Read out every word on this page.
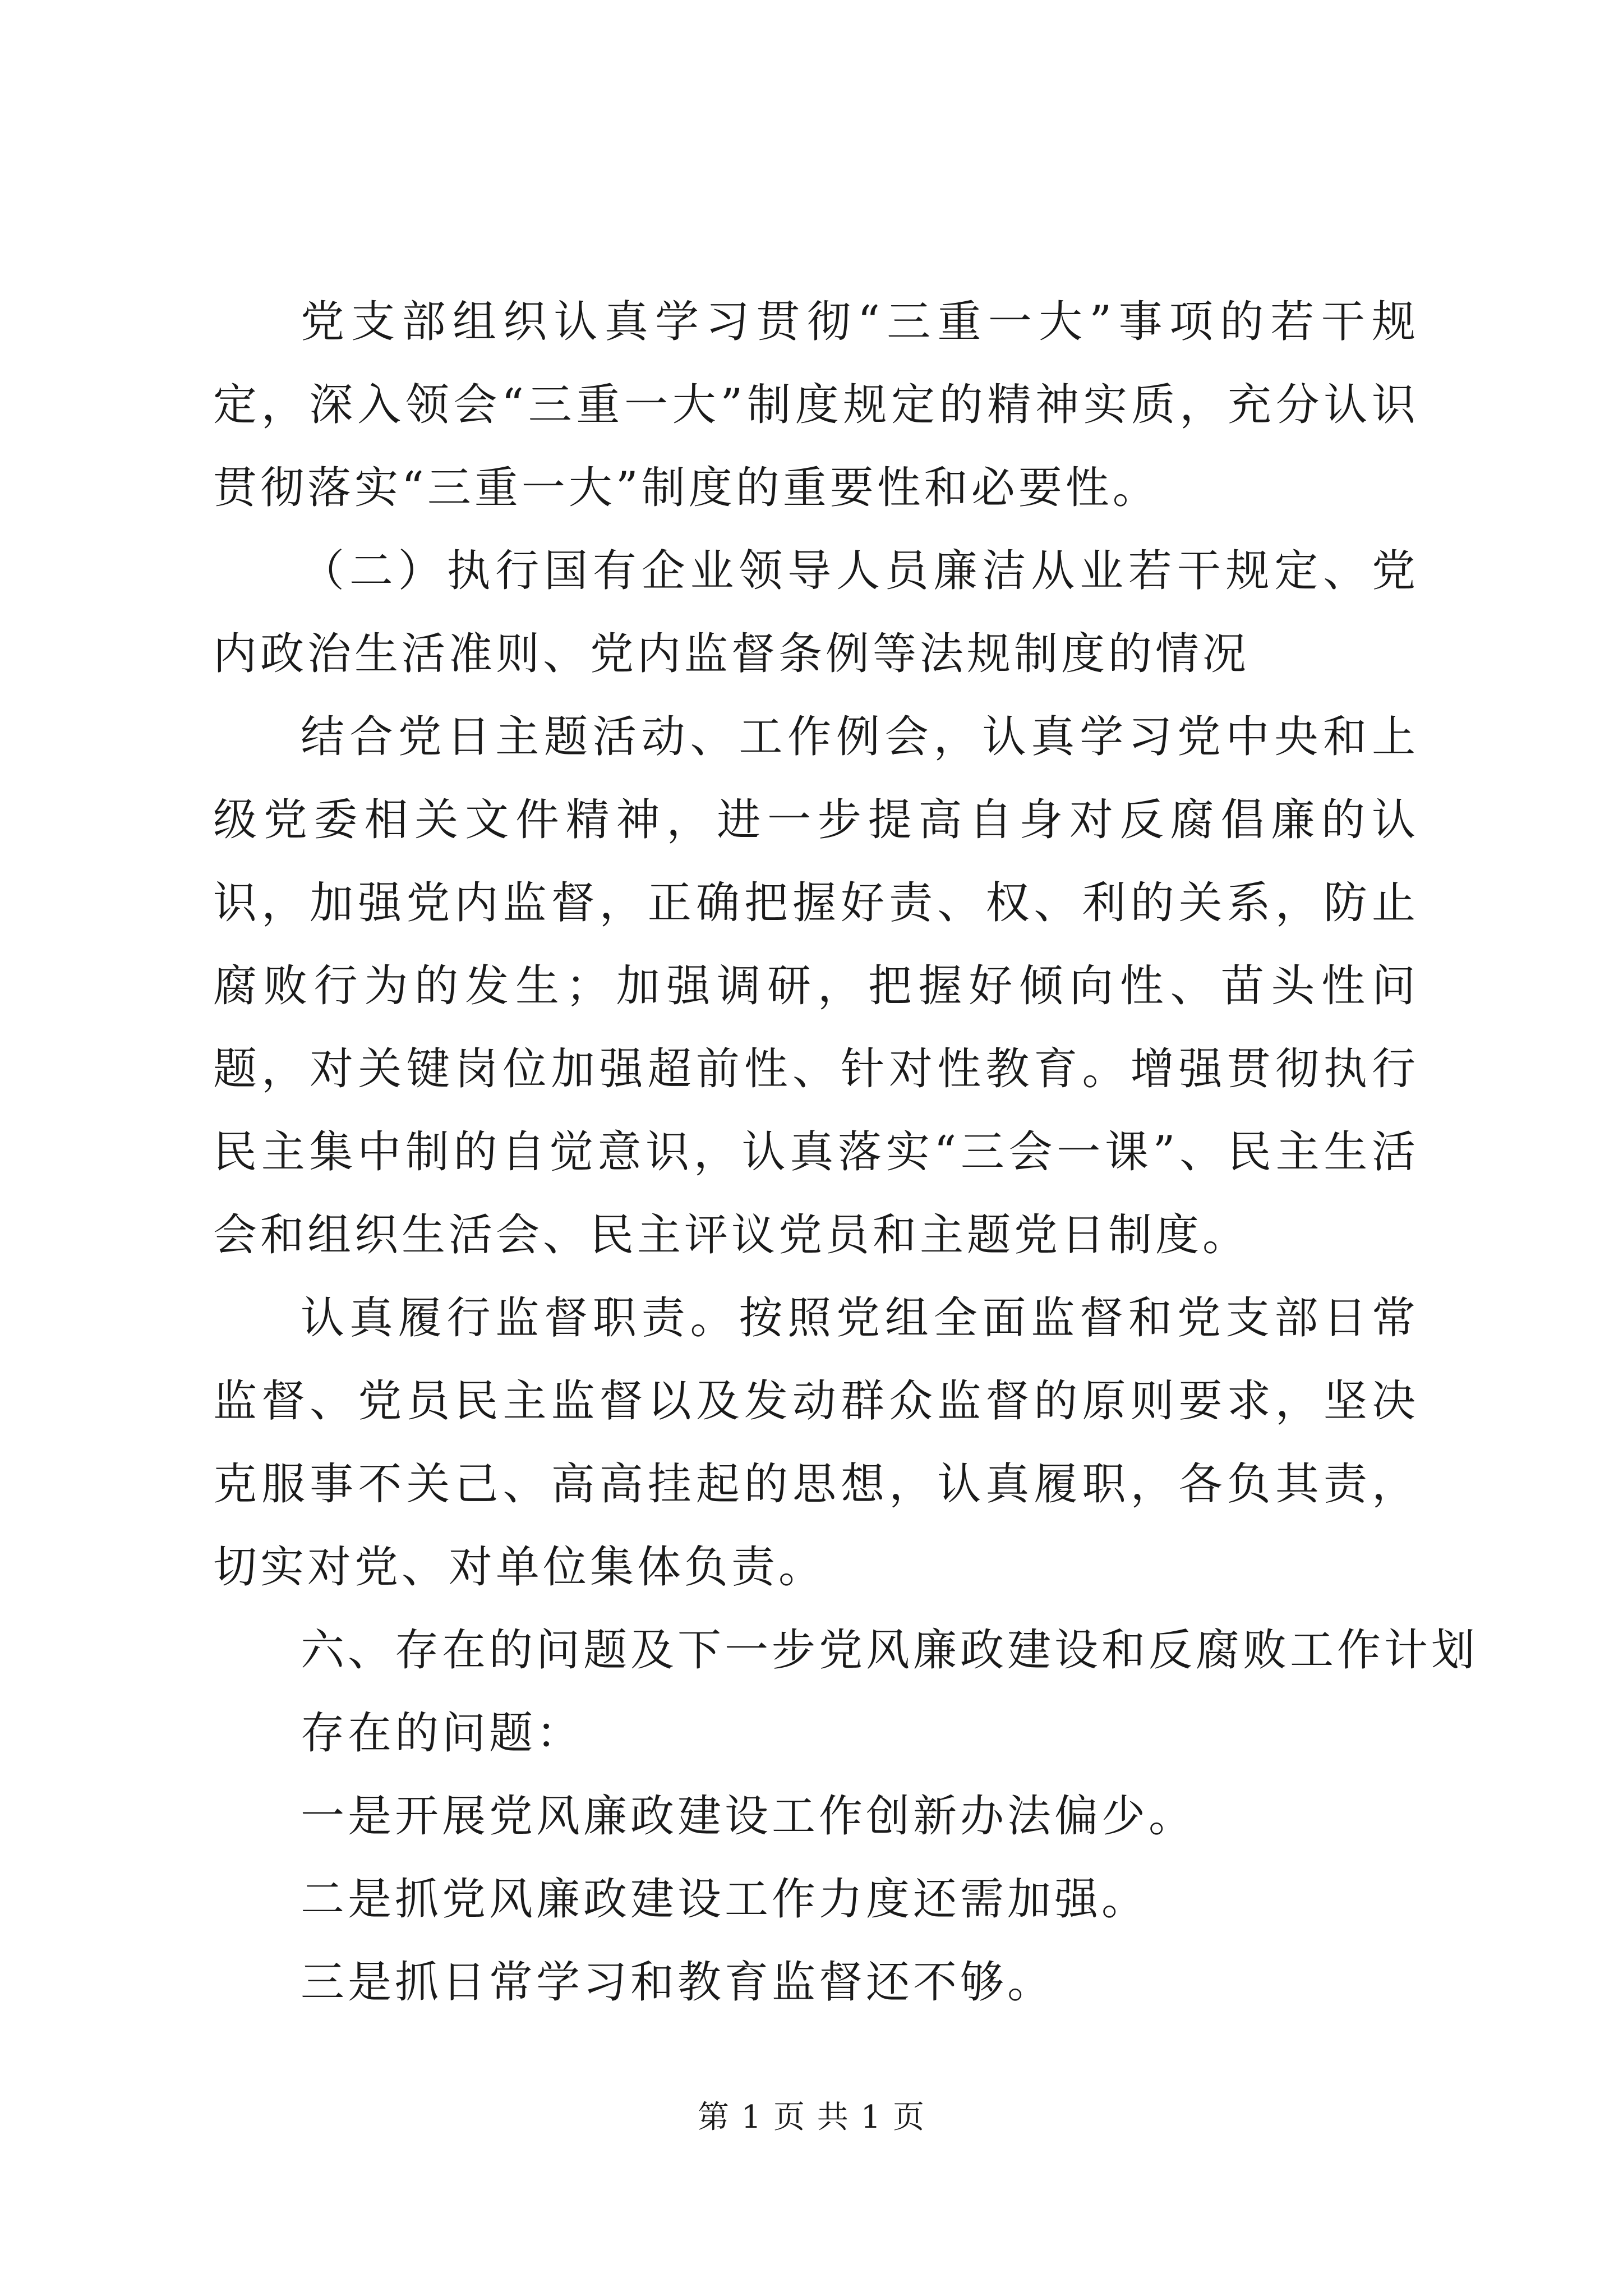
党支部组织认真学习贯彻“三重一大”事项的若干规定，深入领会“三重一大”制度规定的精神实质，充分认识贯彻落实“三重一大”制度的重要性和必要性。

（二）执行国有企业领导人员廉洁从业若干规定、党内政治生活准则、党内监督条例等法规制度的情况

结合党日主题活动、工作例会，认真学习党中央和上级党委相关文件精神，进一步提高自身对反腐倡廉的认识，加强党内监督，正确把握好责、权、利的关系，防止腐败行为的发生；加强调研，把握好倾向性、苗头性问题，对关键岗位加强超前性、针对性教育。增强贯彻执行民主集中制的自觉意识，认真落实“三会一课”、民主生活会和组织生活会、民主评议党员和主题党日制度。

认真履行监督职责。按照党组全面监督和党支部日常监督、党员民主监督以及发动群众监督的原则要求，坚决克服事不关己、高高挂起的思想，认真履职，各负其责，切实对党、对单位集体负责。

六、存在的问题及下一步党风廉政建设和反腐败工作计划

存在的问题：

一是开展党风廉政建设工作创新办法偏少。

二是抓党风廉政建设工作力度还需加强。

三是抓日常学习和教育监督还不够。

第 1 页 共 1 页
